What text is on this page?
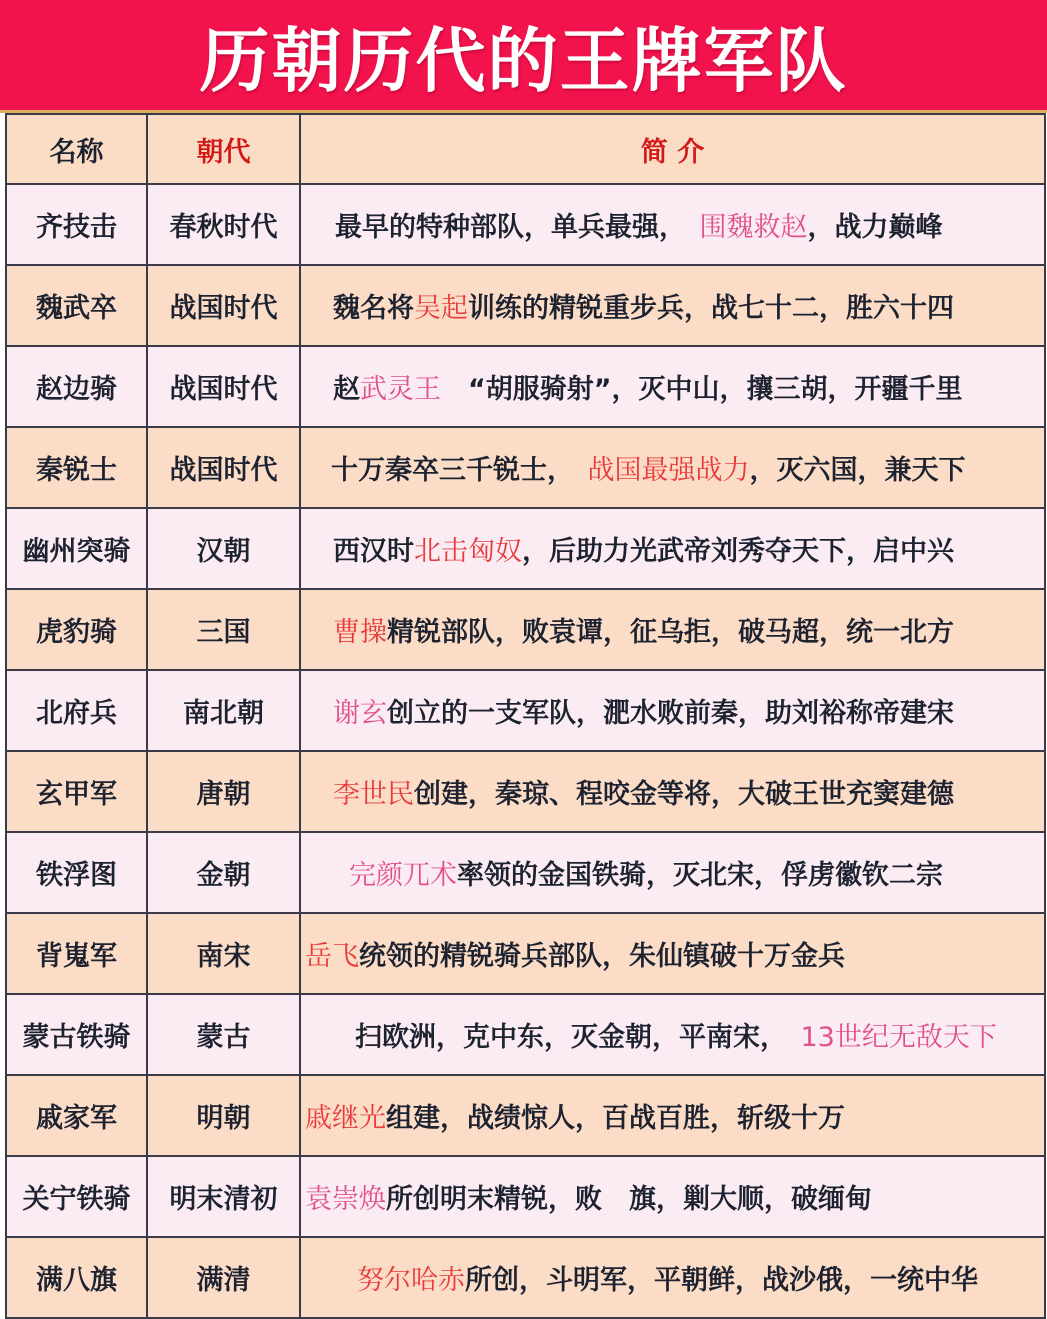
历朝历代的王牌军队
名称	朝代	简 介
齐技击	春秋时代	最早的特种部队，单兵最强，　围魏救赵，战力巅峰
魏武卒	战国时代	魏名将吴起训练的精锐重步兵，战七十二，胜六十四
赵边骑	战国时代	赵武灵王　“胡服骑射”，灭中山，攘三胡，开疆千里
秦锐士	战国时代	十万秦卒三千锐士，　战国最强战力，灭六国，兼天下
幽州突骑	汉朝	西汉时北击匈奴，后助力光武帝刘秀夺天下，启中兴
虎豹骑	三国	曹操精锐部队，败袁谭，征乌拒，破马超，统一北方
北府兵	南北朝	谢玄创立的一支军队，淝水败前秦，助刘裕称帝建宋
玄甲军	唐朝	李世民创建，秦琼、程咬金等将，大破王世充窦建德
铁浮图	金朝	完颜兀术率领的金国铁骑，灭北宋，俘虏徽钦二宗
背嵬军	南宋	岳飞统领的精锐骑兵部队，朱仙镇破十万金兵
蒙古铁骑	蒙古	扫欧洲，克中东，灭金朝，平南宋，　13世纪无敌天下
戚家军	明朝	戚继光组建，战绩惊人，百战百胜，斩级十万
关宁铁骑	明末清初	袁崇焕所创明末精锐，败　旗，剿大顺，破缅甸
满八旗	满清	努尔哈赤所创，斗明军，平朝鲜，战沙俄，一统中华
